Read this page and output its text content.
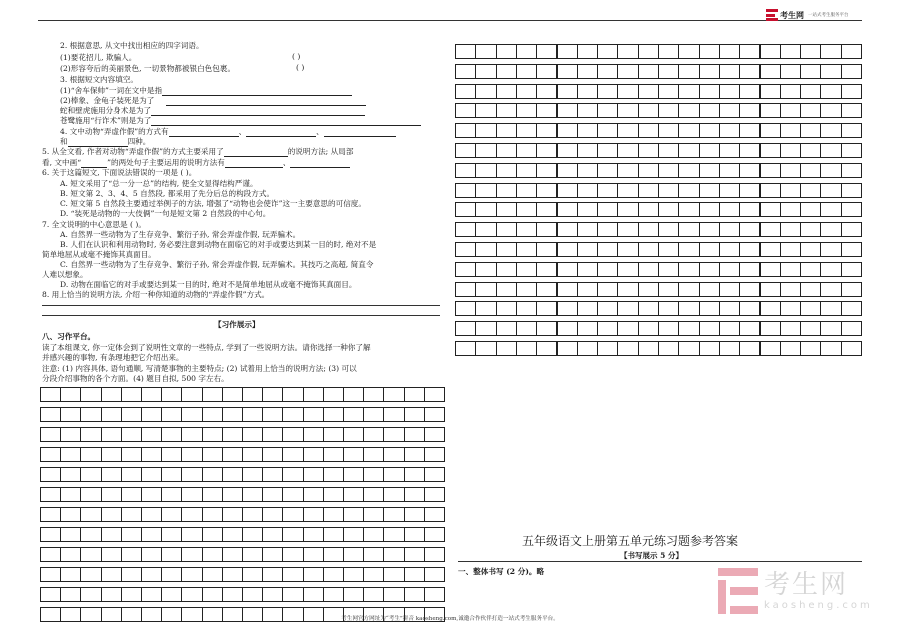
考生网 一站式考生服务平台
2. 根据意思, 从文中找出相应的四字词语。
(1)要花招儿, 欺骗人。	( )
(2)形容夸后的美丽景色, 一切景物都被银白色包裹。	( )
3. 根据短文内容填空。
(1)“舍车保帅”一词在文中是指
(2)棒象、金龟子装死是为了
蛇和壁虎施用分身术是为了
苍鹭施用“行诈术”则是为了
4. 文中动物“弄虚作假”的方式有	、	、
和	四种。
5. 从全文看, 作者对动物“弄虚作假”的方式主要采用了	的说明方法; 从局部
看, 文中画“	”的两处句子主要运用的说明方法有	、
6. 关于这篇短文, 下面说法错误的一项是 ( )。
A. 短文采用了“总一分一总”的结构, 使全文显得结构严谨。
B. 短文第 2、3、4、5 自然段, 都采用了先分后总的构段方式。
C. 短文第 5 自然段主要通过举例子的方法, 增强了“动物也会使诈”这一主要意思的可信度。
D. “装死是动物的一大伎俩”一句是短文第 2 自然段的中心句。
7. 全文说明的中心意思是 ( )。
A. 自然界一些动物为了生存竞争、繁衍子孙, 常会弄虚作假, 玩弄骗术。
B. 人们在认识和利用动物时, 务必要注意到动物在面临它的对手或要达到某一目的时, 绝对不是
简单地屈从或毫不掩饰其真面目。
C. 自然界一些动物为了生存竞争、繁衍子孙, 常会弄虚作假, 玩弄骗术。其技巧之高超, 简直令
人难以想象。
D. 动物在面临它的对手或要达到某一目的时, 绝对不是简单地屈从或毫不掩饰其真面目。
8. 用上恰当的说明方法, 介绍一种你知道的动物的“弄虚作假”方式。
【习作展示】
八、习作平台。
读了本组课文, 你一定体会到了说明性文章的一些特点, 学到了一些说明方法。请你选择一种你了解
并感兴趣的事物, 有条理地把它介绍出来。
注意: (1) 内容具体, 语句通顺, 写清楚事物的主要特点; (2) 试着用上恰当的说明方法; (3) 可以
分段介绍事物的各个方面。(4) 题目自拟, 500 字左右。
五年级语文上册第五单元练习题参考答案
【书写展示 5 分】
一、整体书写 (2 分)。略	考生网
kaosheng.com
考生网官方网址为“考生”拼音 kaosheng.com,诚邀合作伙伴打造一站式考生服务平台。
